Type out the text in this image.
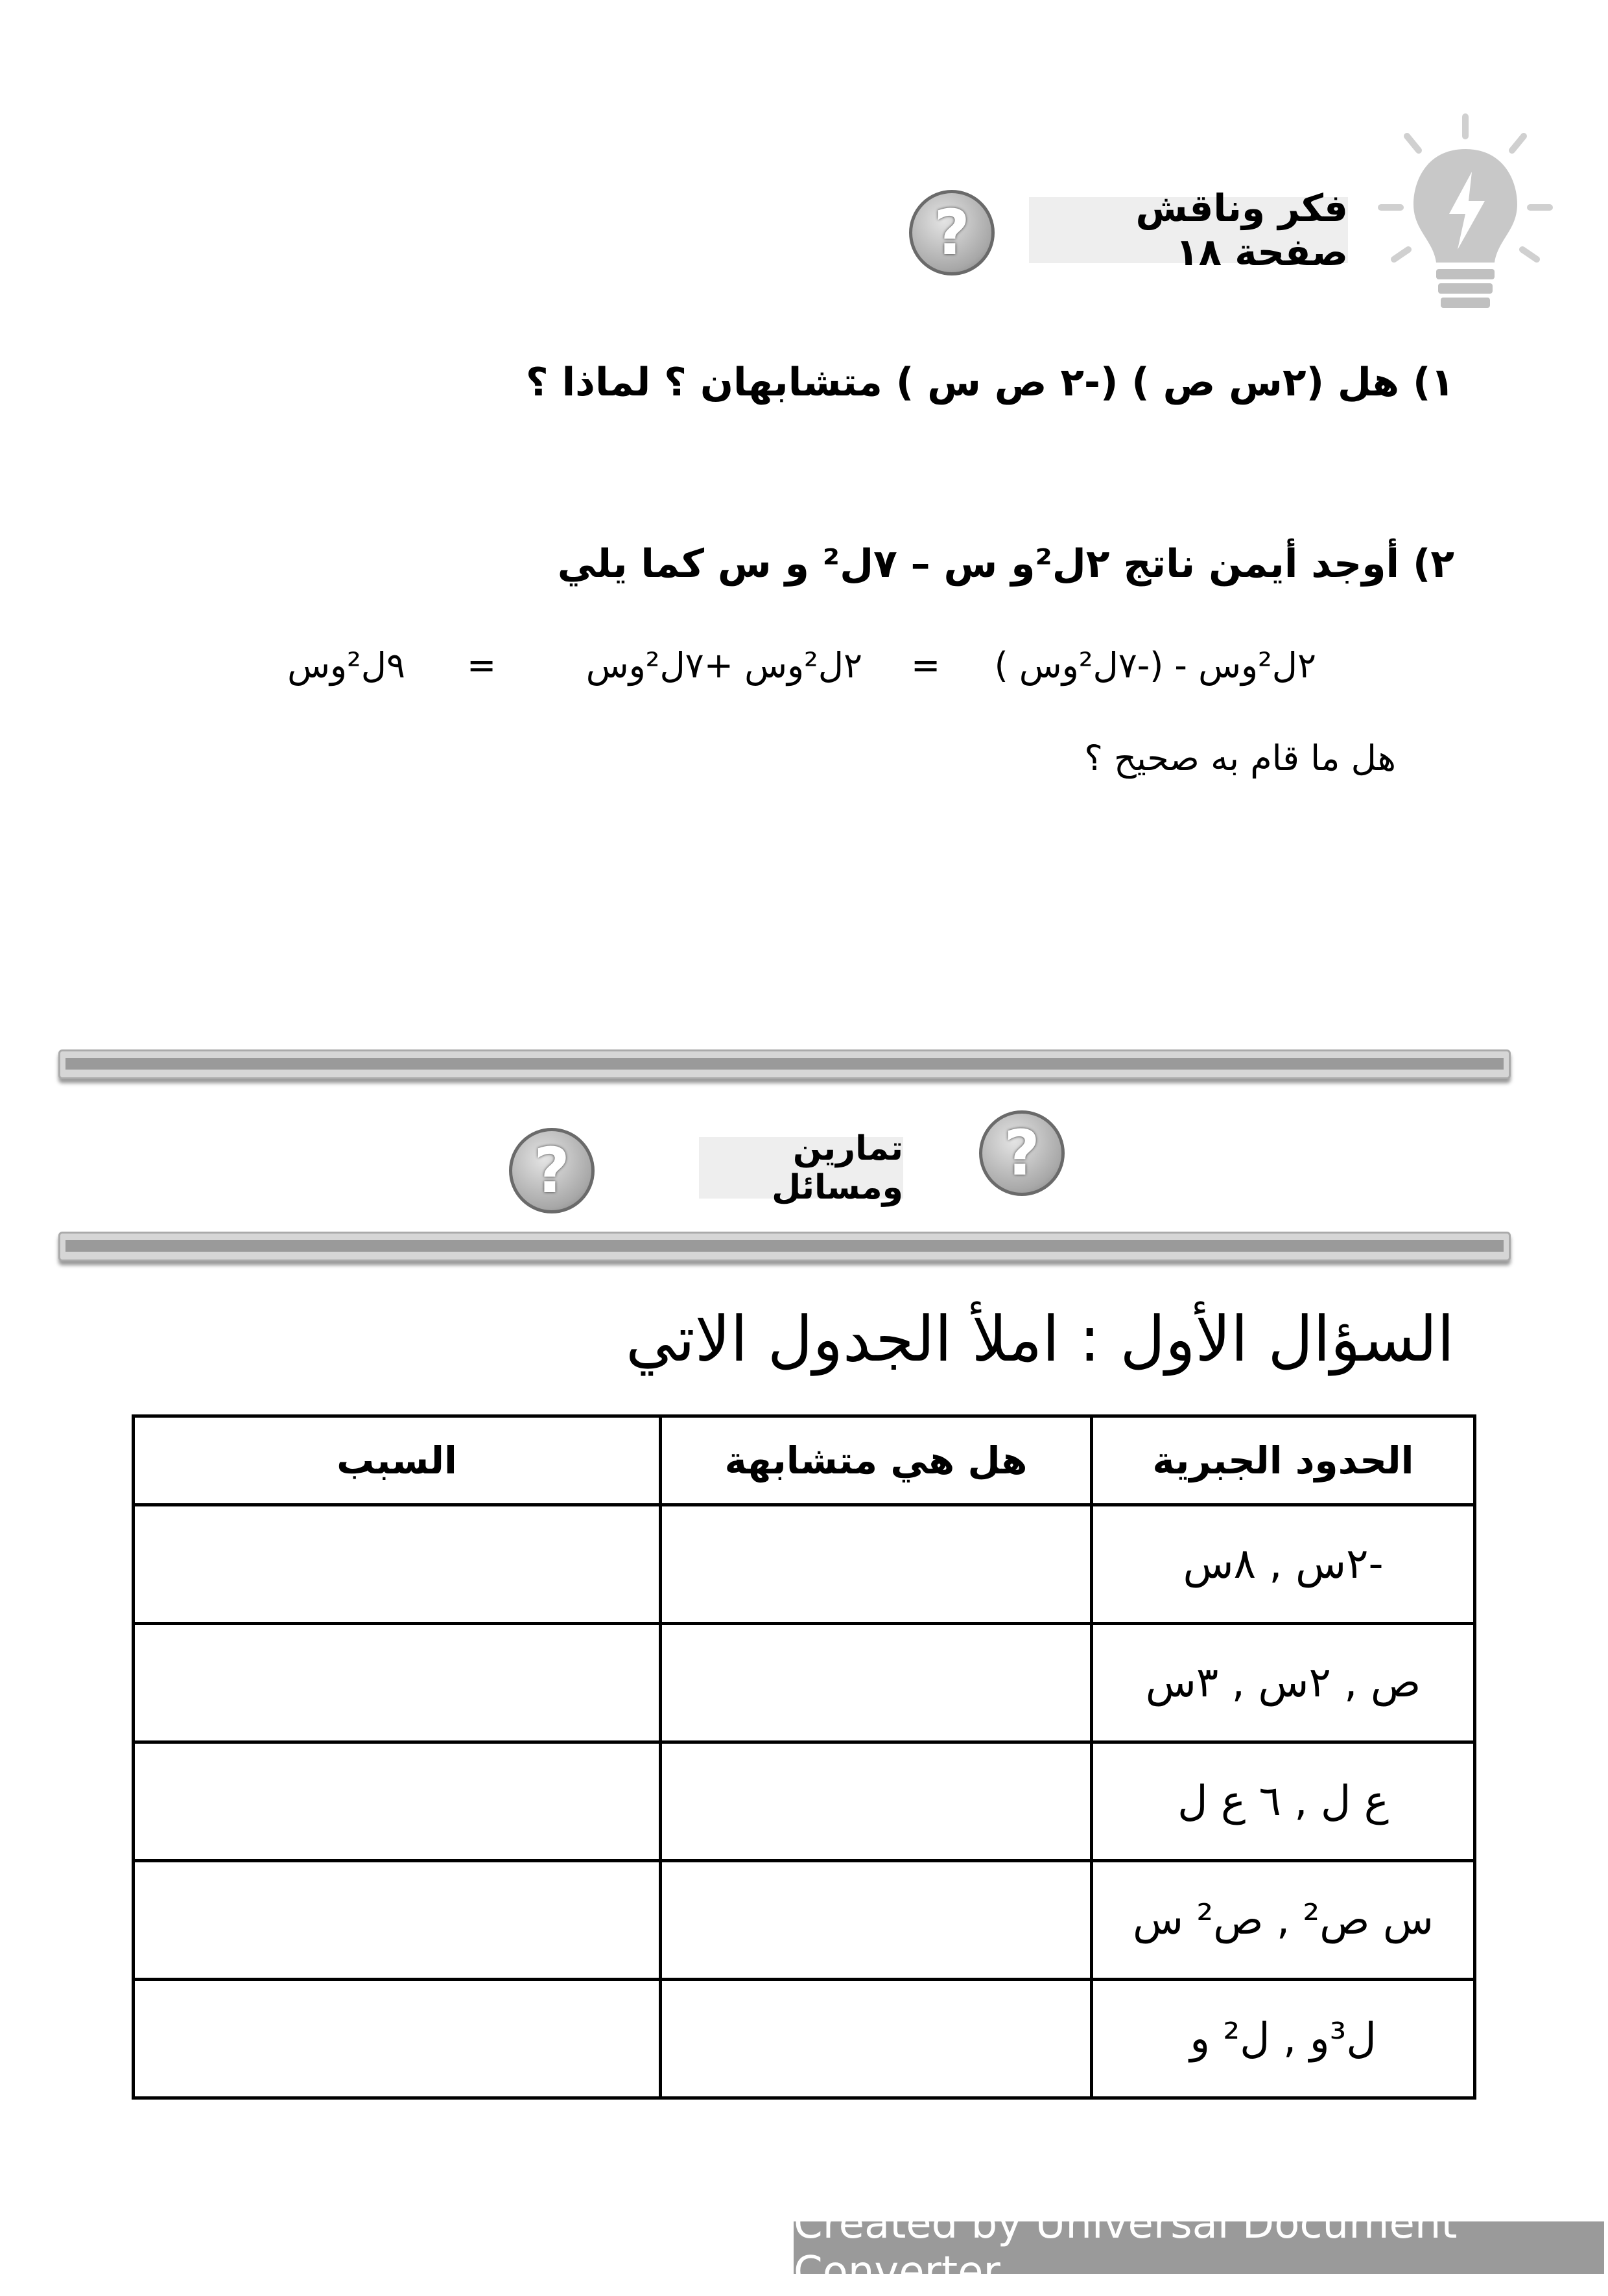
فكر وناقش صفحة ١٨
?
١) هل (٢س ص ) (-٢ ص س ) متشابهان ؟ لماذا ؟
٢) أوجد أيمن ناتج ٢ل²و س – ٧ل² و س كما يلي
٢ل²وس - (-٧ل²وس )
=
٢ل²وس +٧ل²وس
=
٩ل²وس
هل ما قام به صحيح ؟
?	تمارين ومسائل	?
السؤال الأول : املأ الجدول الاتي
الحدود الجبرية	هل هي متشابهة	السبب
-٢س , ٨س		
ص , ٢س , ٣س		
ع ل , ٦ ع ل		
س ص² , ص² س		
ل³و , ل² و		
Created by Universal Document Converter
